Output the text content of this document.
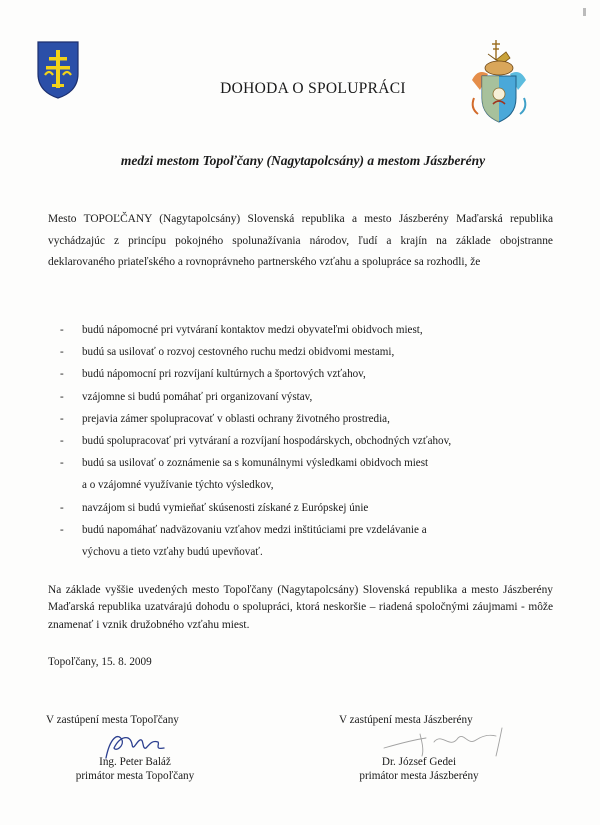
DOHODA O SPOLUPRÁCI
medzi mestom Topoľčany (Nagytapolcsány) a mestom Jászberény
Mesto TOPOĽČANY (Nagytapolcsány) Slovenská republika a mesto Jászberény Maďarská republika vychádzajúc z princípu pokojného spolunažívania národov, ľudí a krajín na základe obojstranne deklarovaného priateľského a rovnoprávneho partnerského vzťahu a spolupráce sa rozhodli, že
- budú nápomocné pri vytváraní kontaktov medzi obyvateľmi obidvoch miest,
- budú sa usilovať o rozvoj cestovného ruchu medzi obidvomi mestami,
- budú nápomocní pri rozvíjaní kultúrnych a športových vzťahov,
- vzájomne si budú pomáhať pri organizovaní výstav,
- prejavia zámer spolupracovať v oblasti ochrany životného prostredia,
- budú spolupracovať pri vytváraní a rozvíjaní hospodárskych, obchodných vzťahov,
- budú sa usilovať o zoznámenie sa s komunálnymi výsledkami obidvoch miest
a o vzájomné využívanie týchto výsledkov,
- navzájom si budú vymieňať skúsenosti získané z Európskej únie
- budú napomáhať nadväzovaniu vzťahov medzi inštitúciami pre vzdelávanie a
výchovu a tieto vzťahy budú upevňovať.
Na základe vyššie uvedených mesto Topoľčany (Nagytapolcsány) Slovenská republika a mesto Jászberény Maďarská republika uzatvárajú dohodu o spolupráci, ktorá neskoršie – riadená spoločnými záujmami - môže znamenať i vznik družobného vzťahu miest.
Topoľčany, 15. 8. 2009
V zastúpení mesta Topoľčany	V zastúpení mesta Jászberény
Ing. Peter Baláž
primátor mesta Topoľčany
Dr. József Gedei
primátor mesta Jászberény
